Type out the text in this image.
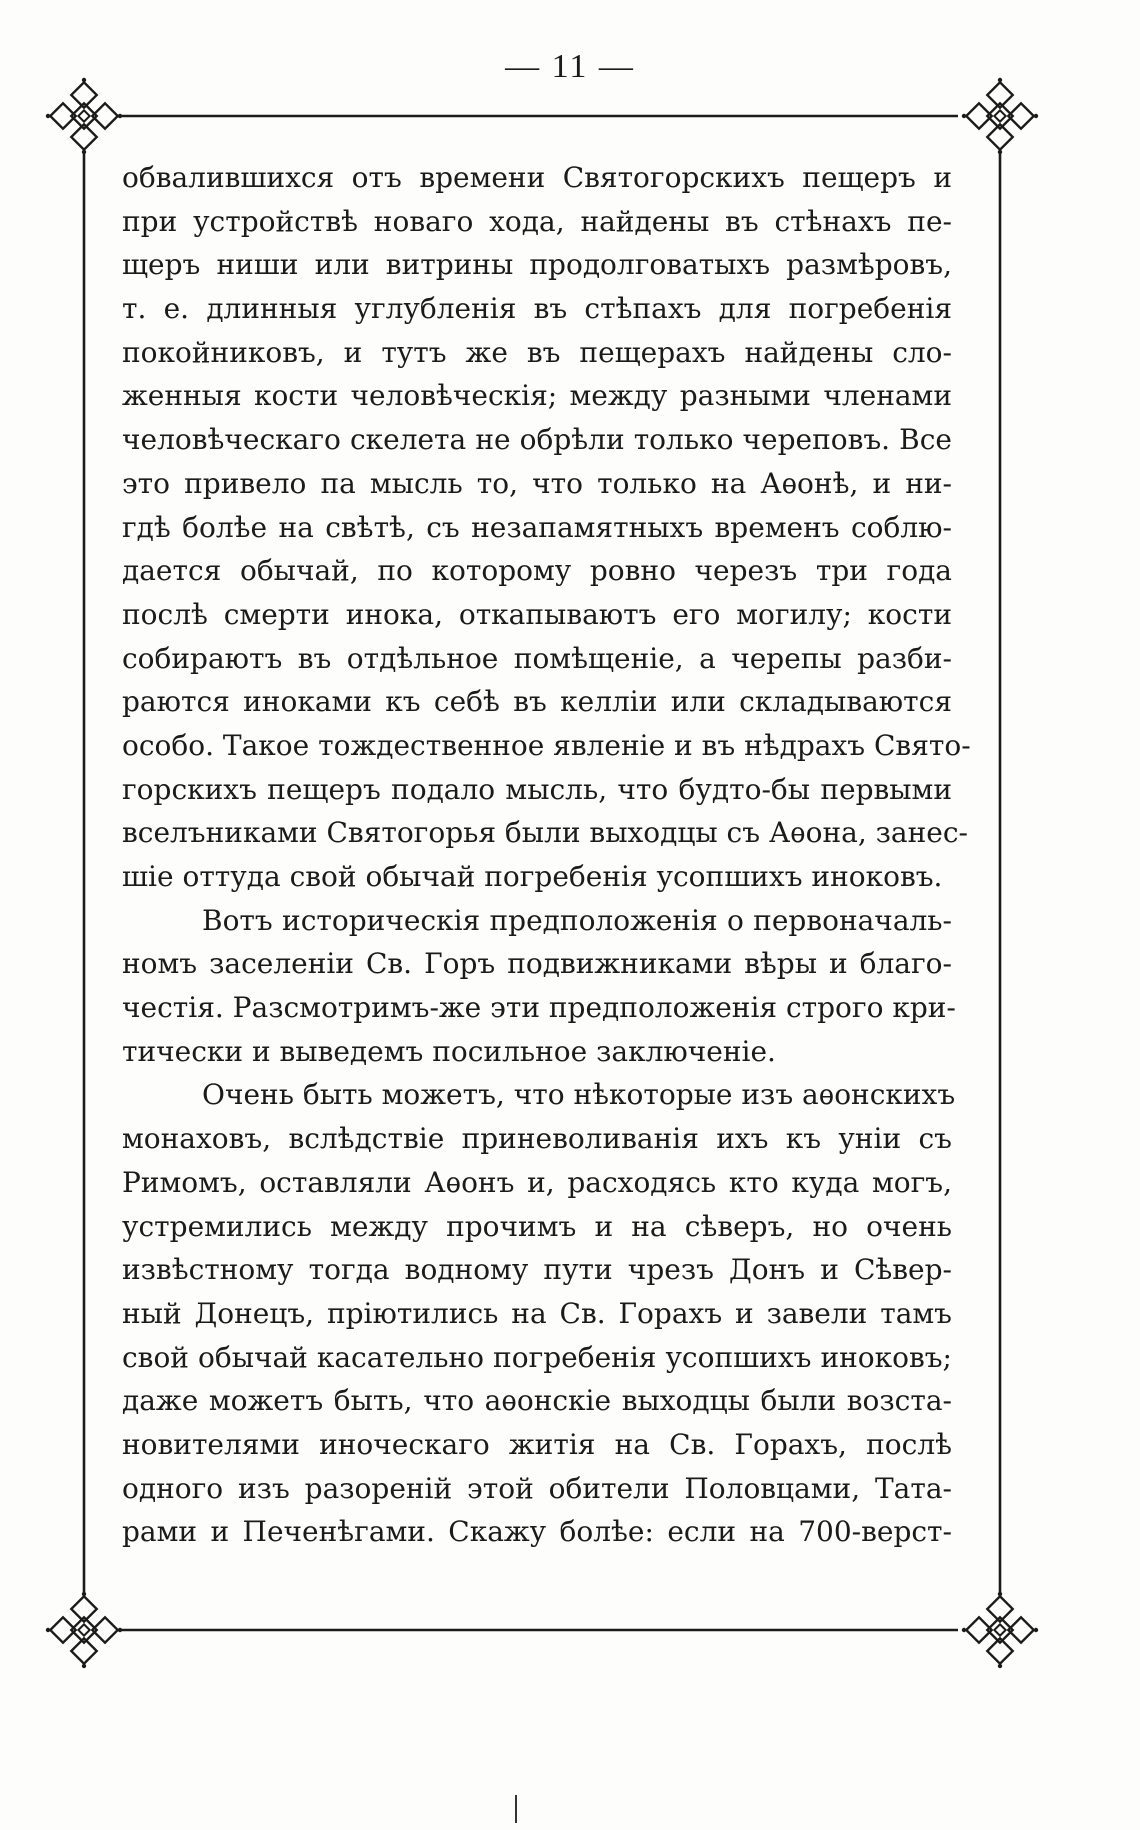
— 11 —
обвалившихся отъ времени Святогорскихъ пещеръ и
при устройствѣ новаго хода, найдены въ стѣнахъ пе-
щеръ ниши или витрины продолговатыхъ размѣровъ,
т. е. длинныя углубленія въ стѣпахъ для погребенія
покойниковъ, и тутъ же въ пещерахъ найдены сло-
женныя кости человѣческія; между разными членами
человѣческаго скелета не обрѣли только череповъ. Все
это привело па мысль то, что только на Аѳонѣ, и ни-
гдѣ болѣе на свѣтѣ, съ незапамятныхъ временъ соблю-
дается обычай, по которому ровно черезъ три года
послѣ смерти инока, откапываютъ его могилу; кости
собираютъ въ отдѣльное помѣщеніе, а черепы разби-
раются иноками къ себѣ въ келліи или складываются
особо. Такое тождественное явленіе и въ нѣдрахъ Свято-
горскихъ пещеръ подало мысль, что будто-бы первыми
вселъниками Святогорья были выходцы съ Аѳона, занес-
шіе оттуда свой обычай погребенія усопшихъ иноковъ.
Вотъ историческія предположенія о первоначаль-
номъ заселеніи Св. Горъ подвижниками вѣры и благо-
честія. Разсмотримъ-же эти предположенія строго кри-
тически и выведемъ посильное заключеніе.
Очень быть можетъ, что нѣкоторые изъ аѳонскихъ
монаховъ, вслѣдствіе приневоливанія ихъ къ уніи съ
Римомъ, оставляли Аѳонъ и, расходясь кто куда могъ,
устремились между прочимъ и на сѣверъ, но очень
извѣстному тогда водному пути чрезъ Донъ и Сѣвер-
ный Донецъ, пріютились на Св. Горахъ и завели тамъ
свой обычай касательно погребенія усопшихъ иноковъ;
даже можетъ быть, что аѳонскіе выходцы были возста-
новителями иноческаго житія на Св. Горахъ, послѣ
одного изъ разореній этой обители Половцами, Тата-
рами и Печенѣгами. Скажу болѣе: если на 700-верст-
